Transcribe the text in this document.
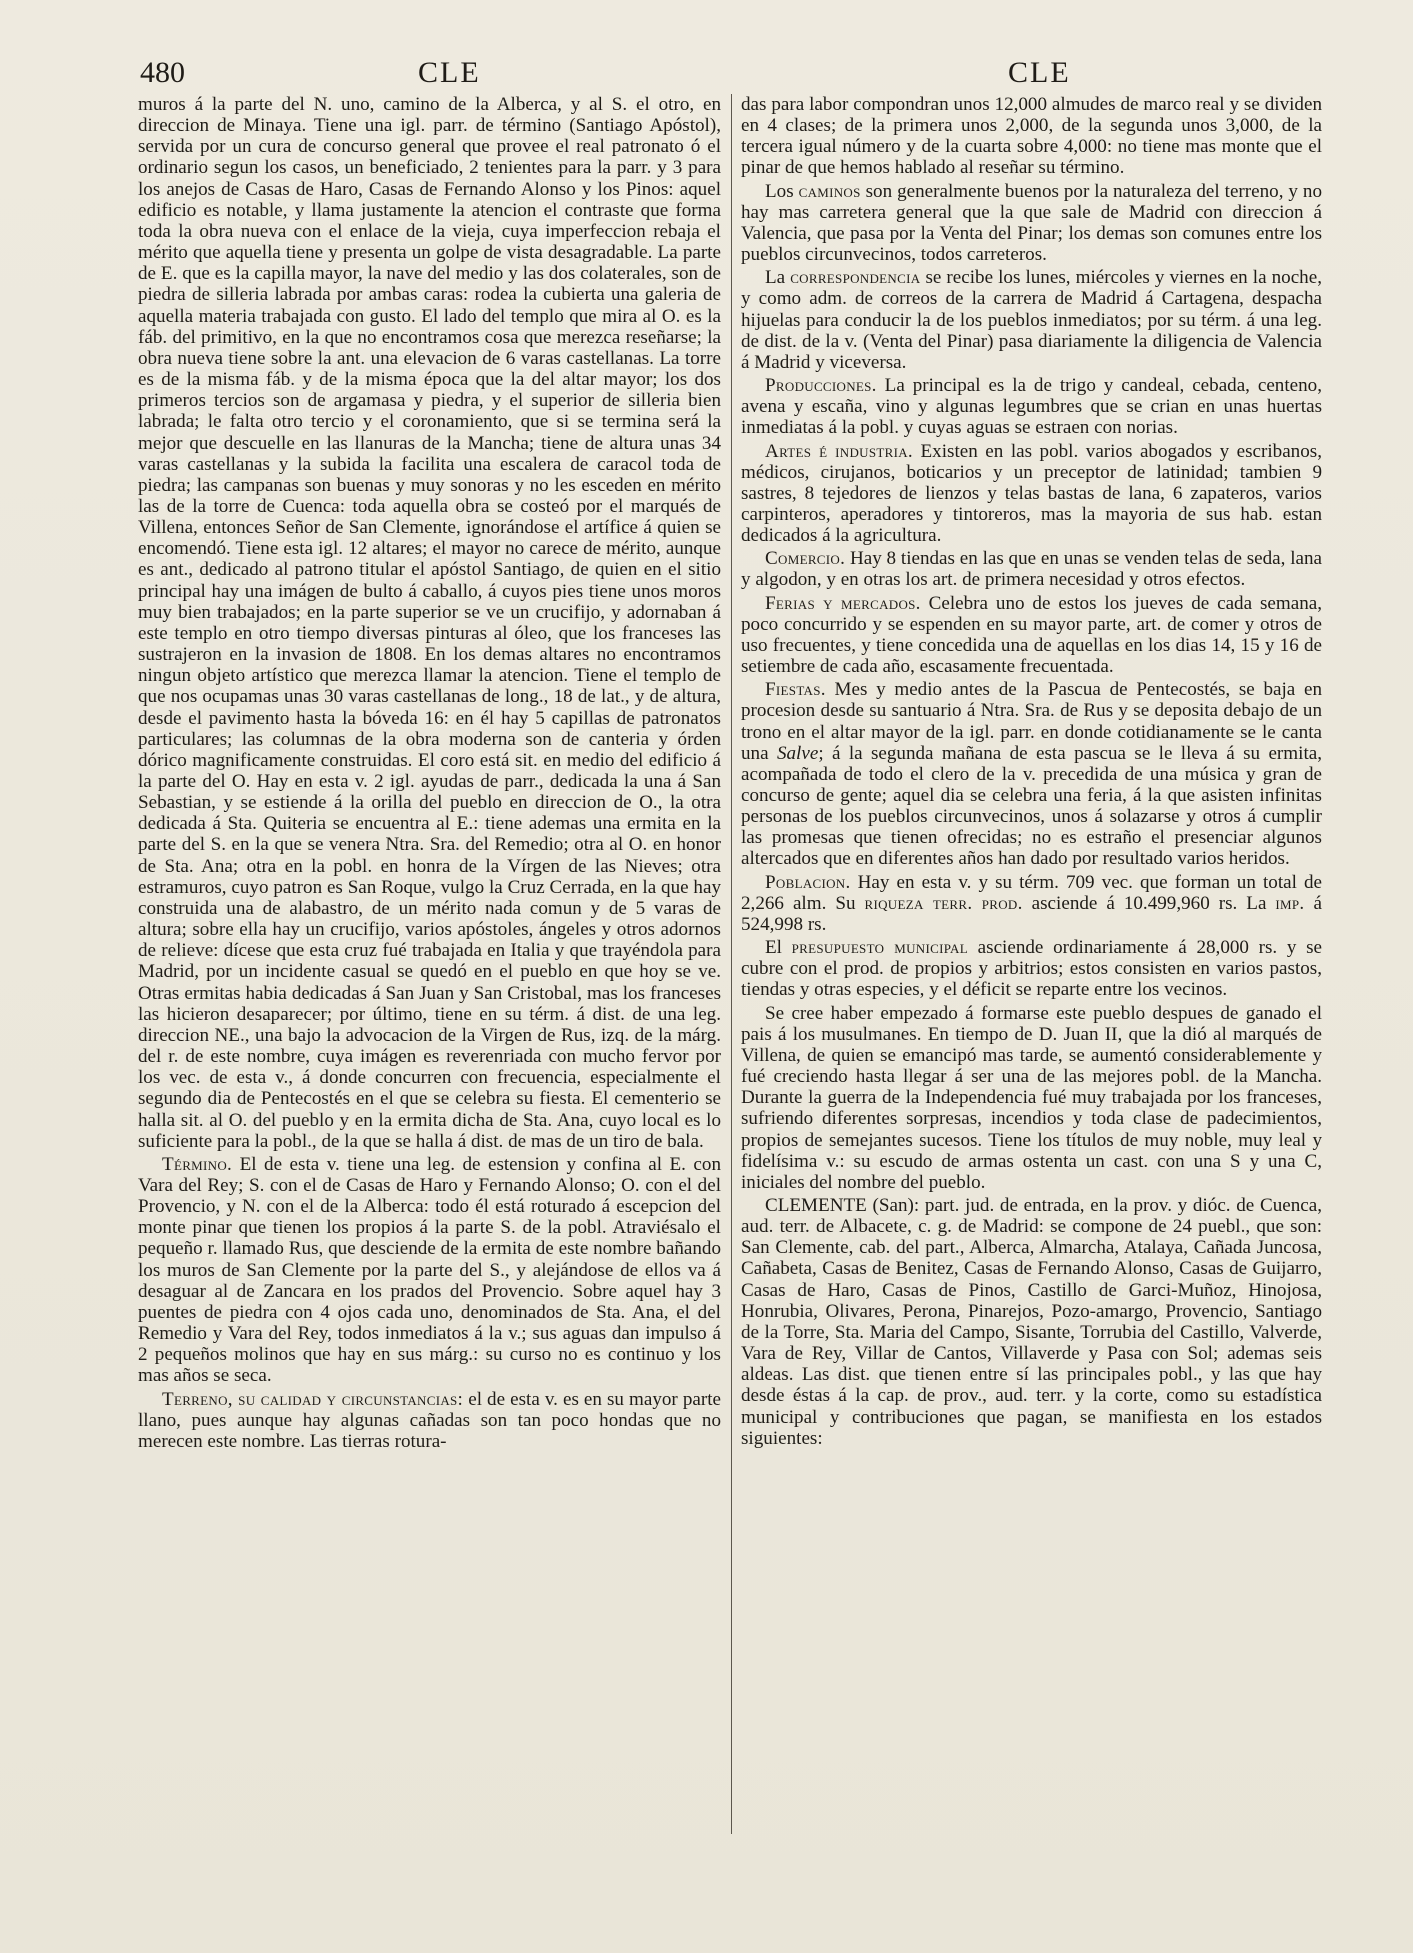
480	CLE	CLE

muros á la parte del N. uno, camino de la Alberca, y al S. el otro, en direccion de Minaya. Tiene una igl. parr. de término (Santiago Apóstol), servida por un cura de concurso general que provee el real patronato ó el ordinario segun los casos, un beneficiado, 2 tenientes para la parr. y 3 para los anejos de Casas de Haro, Casas de Fernando Alonso y los Pinos: aquel edificio es notable, y llama justamente la atencion el contraste que forma toda la obra nueva con el enlace de la vieja, cuya imperfeccion rebaja el mérito que aquella tiene y presenta un golpe de vista desagradable. La parte de E. que es la capilla mayor, la nave del medio y las dos colaterales, son de piedra de silleria labrada por ambas caras: rodea la cubierta una galeria de aquella materia trabajada con gusto. El lado del templo que mira al O. es la fáb. del primitivo, en la que no encontramos cosa que merezca reseñarse; la obra nueva tiene sobre la ant. una elevacion de 6 varas castellanas. La torre es de la misma fáb. y de la misma época que la del altar mayor; los dos primeros tercios son de argamasa y piedra, y el superior de silleria bien labrada; le falta otro tercio y el coronamiento, que si se termina será la mejor que descuelle en las llanuras de la Mancha; tiene de altura unas 34 varas castellanas y la subida la facilita una escalera de caracol toda de piedra; las campanas son buenas y muy sonoras y no les esceden en mérito las de la torre de Cuenca: toda aquella obra se costeó por el marqués de Villena, entonces Señor de San Clemente, ignorándose el artífice á quien se encomendó. Tiene esta igl. 12 altares; el mayor no carece de mérito, aunque es ant., dedicado al patrono titular el apóstol Santiago, de quien en el sitio principal hay una imágen de bulto á caballo, á cuyos pies tiene unos moros muy bien trabajados; en la parte superior se ve un crucifijo, y adornaban á este templo en otro tiempo diversas pinturas al óleo, que los franceses las sustrajeron en la invasion de 1808. En los demas altares no encontramos ningun objeto artístico que merezca llamar la atencion. Tiene el templo de que nos ocupamas unas 30 varas castellanas de long., 18 de lat., y de altura, desde el pavimento hasta la bóveda 16: en él hay 5 capillas de patronatos particulares; las columnas de la obra moderna son de canteria y órden dórico magnificamente construidas. El coro está sit. en medio del edificio á la parte del O. Hay en esta v. 2 igl. ayudas de parr., dedicada la una á San Sebastian, y se estiende á la orilla del pueblo en direccion de O., la otra dedicada á Sta. Quiteria se encuentra al E.: tiene ademas una ermita en la parte del S. en la que se venera Ntra. Sra. del Remedio; otra al O. en honor de Sta. Ana; otra en la pobl. en honra de la Vírgen de las Nieves; otra estramuros, cuyo patron es San Roque, vulgo la Cruz Cerrada, en la que hay construida una de alabastro, de un mérito nada comun y de 5 varas de altura; sobre ella hay un crucifijo, varios apóstoles, ángeles y otros adornos de relieve: dícese que esta cruz fué trabajada en Italia y que trayéndola para Madrid, por un incidente casual se quedó en el pueblo en que hoy se ve. Otras ermitas habia dedicadas á San Juan y San Cristobal, mas los franceses las hicieron desaparecer; por último, tiene en su térm. á dist. de una leg. direccion NE., una bajo la advocacion de la Virgen de Rus, izq. de la márg. del r. de este nombre, cuya imágen es reverenriada con mucho fervor por los vec. de esta v., á donde concurren con frecuencia, especialmente el segundo dia de Pentecostés en el que se celebra su fiesta. El cementerio se halla sit. al O. del pueblo y en la ermita dicha de Sta. Ana, cuyo local es lo suficiente para la pobl., de la que se halla á dist. de mas de un tiro de bala.

Término. El de esta v. tiene una leg. de estension y confina al E. con Vara del Rey; S. con el de Casas de Haro y Fernando Alonso; O. con el del Provencio, y N. con el de la Alberca: todo él está roturado á escepcion del monte pinar que tienen los propios á la parte S. de la pobl. Atraviésalo el pequeño r. llamado Rus, que desciende de la ermita de este nombre bañando los muros de San Clemente por la parte del S., y alejándose de ellos va á desaguar al de Zancara en los prados del Provencio. Sobre aquel hay 3 puentes de piedra con 4 ojos cada uno, denominados de Sta. Ana, el del Remedio y Vara del Rey, todos inmediatos á la v.; sus aguas dan impulso á 2 pequeños molinos que hay en sus márg.: su curso no es continuo y los mas años se seca.

Terreno, su calidad y circunstancias: el de esta v. es en su mayor parte llano, pues aunque hay algunas cañadas son tan poco hondas que no merecen este nombre. Las tierras rotura-

das para labor compondran unos 12,000 almudes de marco real y se dividen en 4 clases; de la primera unos 2,000, de la segunda unos 3,000, de la tercera igual número y de la cuarta sobre 4,000: no tiene mas monte que el pinar de que hemos hablado al reseñar su término.

Los caminos son generalmente buenos por la naturaleza del terreno, y no hay mas carretera general que la que sale de Madrid con direccion á Valencia, que pasa por la Venta del Pinar; los demas son comunes entre los pueblos circunvecinos, todos carreteros.

La correspondencia se recibe los lunes, miércoles y viernes en la noche, y como adm. de correos de la carrera de Madrid á Cartagena, despacha hijuelas para conducir la de los pueblos inmediatos; por su térm. á una leg. de dist. de la v. (Venta del Pinar) pasa diariamente la diligencia de Valencia á Madrid y viceversa.

Producciones. La principal es la de trigo y candeal, cebada, centeno, avena y escaña, vino y algunas legumbres que se crian en unas huertas inmediatas á la pobl. y cuyas aguas se estraen con norias.

Artes é industria. Existen en las pobl. varios abogados y escribanos, médicos, cirujanos, boticarios y un preceptor de latinidad; tambien 9 sastres, 8 tejedores de lienzos y telas bastas de lana, 6 zapateros, varios carpinteros, aperadores y tintoreros, mas la mayoria de sus hab. estan dedicados á la agricultura.

Comercio. Hay 8 tiendas en las que en unas se venden telas de seda, lana y algodon, y en otras los art. de primera necesidad y otros efectos.

Ferias y mercados. Celebra uno de estos los jueves de cada semana, poco concurrido y se espenden en su mayor parte, art. de comer y otros de uso frecuentes, y tiene concedida una de aquellas en los dias 14, 15 y 16 de setiembre de cada año, escasamente frecuentada.

Fiestas. Mes y medio antes de la Pascua de Pentecostés, se baja en procesion desde su santuario á Ntra. Sra. de Rus y se deposita debajo de un trono en el altar mayor de la igl. parr. en donde cotidianamente se le canta una Salve; á la segunda mañana de esta pascua se le lleva á su ermita, acompañada de todo el clero de la v. precedida de una música y gran de concurso de gente; aquel dia se celebra una feria, á la que asisten infinitas personas de los pueblos circunvecinos, unos á solazarse y otros á cumplir las promesas que tienen ofrecidas; no es estraño el presenciar algunos altercados que en diferentes años han dado por resultado varios heridos.

Poblacion. Hay en esta v. y su térm. 709 vec. que forman un total de 2,266 alm. Su riqueza terr. prod. asciende á 10.499,960 rs. La imp. á 524,998 rs.

El presupuesto municipal asciende ordinariamente á 28,000 rs. y se cubre con el prod. de propios y arbitrios; estos consisten en varios pastos, tiendas y otras especies, y el déficit se reparte entre los vecinos.

Se cree haber empezado á formarse este pueblo despues de ganado el pais á los musulmanes. En tiempo de D. Juan II, que la dió al marqués de Villena, de quien se emancipó mas tarde, se aumentó considerablemente y fué creciendo hasta llegar á ser una de las mejores pobl. de la Mancha. Durante la guerra de la Independencia fué muy trabajada por los franceses, sufriendo diferentes sorpresas, incendios y toda clase de padecimientos, propios de semejantes sucesos. Tiene los títulos de muy noble, muy leal y fidelísima v.: su escudo de armas ostenta un cast. con una S y una C, iniciales del nombre del pueblo.

CLEMENTE (San): part. jud. de entrada, en la prov. y dióc. de Cuenca, aud. terr. de Albacete, c. g. de Madrid: se compone de 24 puebl., que son: San Clemente, cab. del part., Alberca, Almarcha, Atalaya, Cañada Juncosa, Cañabeta, Casas de Benitez, Casas de Fernando Alonso, Casas de Guijarro, Casas de Haro, Casas de Pinos, Castillo de Garci-Muñoz, Hinojosa, Honrubia, Olivares, Perona, Pinarejos, Pozo-amargo, Provencio, Santiago de la Torre, Sta. Maria del Campo, Sisante, Torrubia del Castillo, Valverde, Vara de Rey, Villar de Cantos, Villaverde y Pasa con Sol; ademas seis aldeas. Las dist. que tienen entre sí las principales pobl., y las que hay desde éstas á la cap. de prov., aud. terr. y la corte, como su estadística municipal y contribuciones que pagan, se manifiesta en los estados siguientes:
